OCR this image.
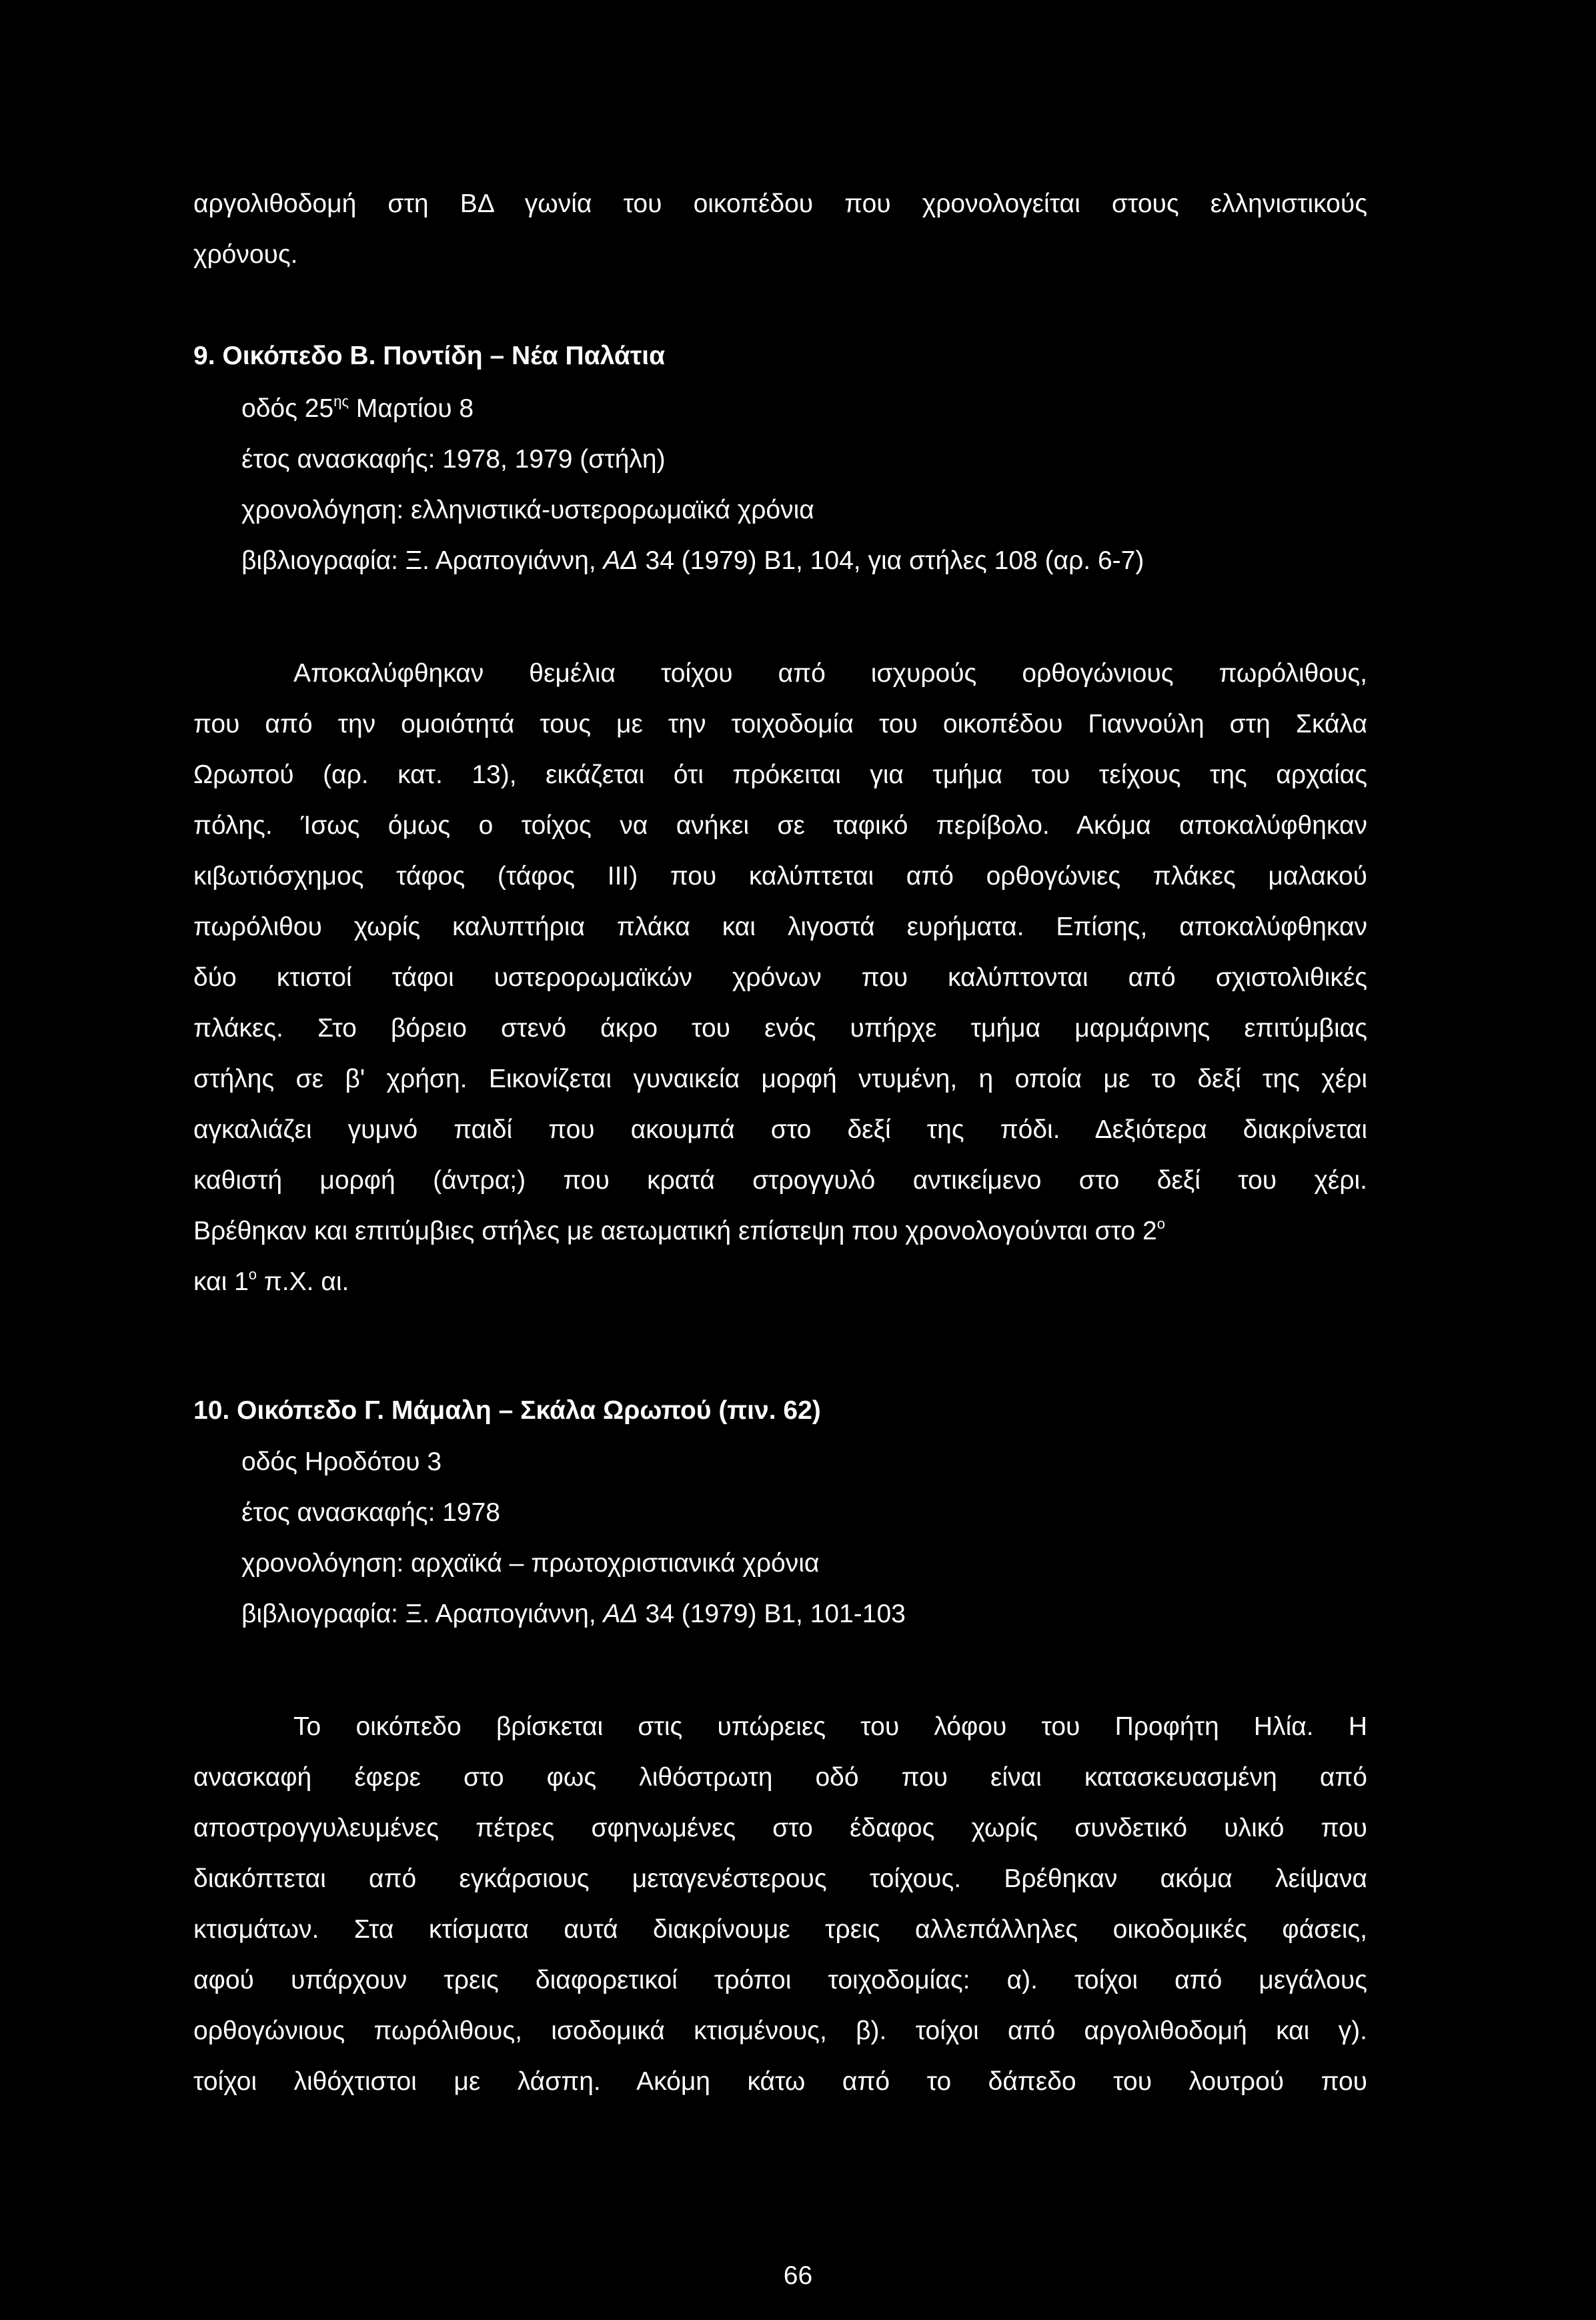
αργολιθοδομή στη ΒΔ γωνία του οικοπέδου που χρονολογείται στους ελληνιστικούς
χρόνους.
9. Οικόπεδο Β. Ποντίδη – Νέα Παλάτια
οδός $25^{\eta\varsigma}$ Μαρτίου 8
έτος ανασκαφής: 1978, 1979 (στήλη)
χρονολόγηση: ελληνιστικά-υστερορωμαϊκά χρόνια
βιβλιογραφία: Ξ. Αραπογιάννη, ΑΔ 34 (1979) Β1, 104, για στήλες 108 (αρ. 6-7)
Αποκαλύφθηκαν θεμέλια τοίχου από ισχυρούς ορθογώνιους πωρόλιθους,
που από την ομοιότητά τους με την τοιχοδομία του οικοπέδου Γιαννούλη στη Σκάλα
Ωρωπού (αρ. κατ. 13), εικάζεται ότι πρόκειται για τμήμα του τείχους της αρχαίας
πόλης. Ίσως όμως ο τοίχος να ανήκει σε ταφικό περίβολο. Ακόμα αποκαλύφθηκαν
κιβωτιόσχημος τάφος (τάφος ΙΙΙ) που καλύπτεται από ορθογώνιες πλάκες μαλακού
πωρόλιθου χωρίς καλυπτήρια πλάκα και λιγοστά ευρήματα. Επίσης, αποκαλύφθηκαν
δύο κτιστοί τάφοι υστερορωμαϊκών χρόνων που καλύπτονται από σχιστολιθικές
πλάκες. Στο βόρειο στενό άκρο του ενός υπήρχε τμήμα μαρμάρινης επιτύμβιας
στήλης σε β' χρήση. Εικονίζεται γυναικεία μορφή ντυμένη, η οποία με το δεξί της χέρι
αγκαλιάζει γυμνό παιδί που ακουμπά στο δεξί της πόδι. Δεξιότερα διακρίνεται
καθιστή μορφή (άντρα;) που κρατά στρογγυλό αντικείμενο στο δεξί του χέρι.
Βρέθηκαν και επιτύμβιες στήλες με αετωματική επίστεψη που χρονολογούνται στο $2^o$
και $1^o$ π.Χ. αι.
10. Οικόπεδο Γ. Μάμαλη – Σκάλα Ωρωπού (πιν. 62)
οδός Ηροδότου 3
έτος ανασκαφής: 1978
χρονολόγηση: αρχαϊκά – πρωτοχριστιανικά χρόνια
βιβλιογραφία: Ξ. Αραπογιάννη, ΑΔ 34 (1979) Β1, 101-103
Το οικόπεδο βρίσκεται στις υπώρειες του λόφου του Προφήτη Ηλία. Η
ανασκαφή έφερε στο φως λιθόστρωτη οδό που είναι κατασκευασμένη από
αποστρογγυλευμένες πέτρες σφηνωμένες στο έδαφος χωρίς συνδετικό υλικό που
διακόπτεται από εγκάρσιους μεταγενέστερους τοίχους. Βρέθηκαν ακόμα λείψανα
κτισμάτων. Στα κτίσματα αυτά διακρίνουμε τρεις αλλεπάλληλες οικοδομικές φάσεις,
αφού υπάρχουν τρεις διαφορετικοί τρόποι τοιχοδομίας: α). τοίχοι από μεγάλους
ορθογώνιους πωρόλιθους, ισοδομικά κτισμένους, β). τοίχοι από αργολιθοδομή και γ).
τοίχοι λιθόχτιστοι με λάσπη. Ακόμη κάτω από το δάπεδο του λουτρού που
66
